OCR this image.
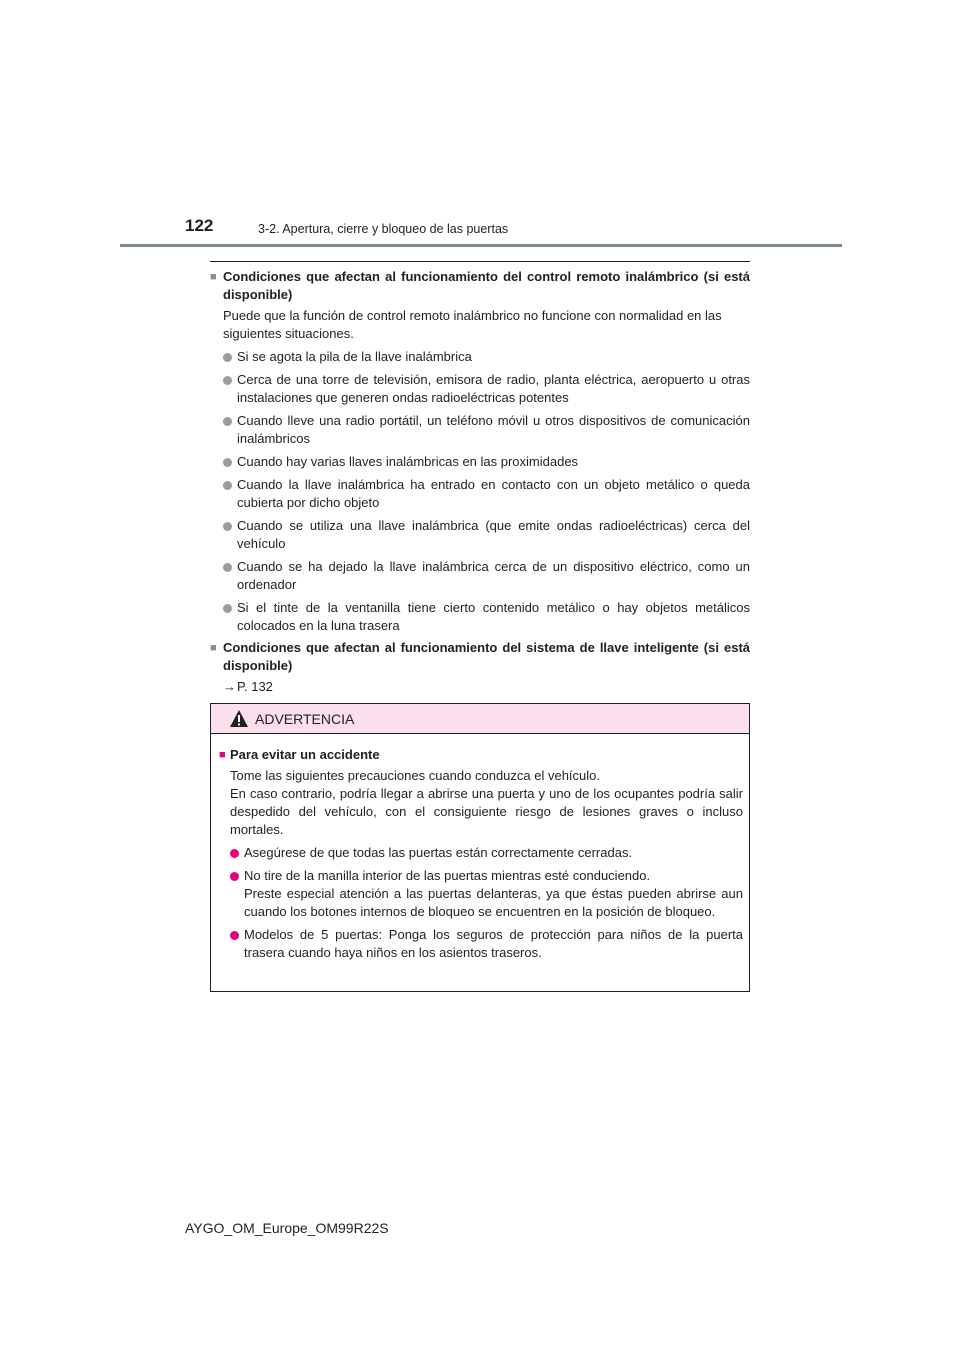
122	3-2. Apertura, cierre y bloqueo de las puertas
■ Condiciones que afectan al funcionamiento del control remoto inalámbrico (si está disponible)
Puede que la función de control remoto inalámbrico no funcione con normalidad en las siguientes situaciones.
Si se agota la pila de la llave inalámbrica
Cerca de una torre de televisión, emisora de radio, planta eléctrica, aeropuerto u otras instalaciones que generen ondas radioeléctricas potentes
Cuando lleve una radio portátil, un teléfono móvil u otros dispositivos de comunicación inalámbricos
Cuando hay varias llaves inalámbricas en las proximidades
Cuando la llave inalámbrica ha entrado en contacto con un objeto metálico o queda cubierta por dicho objeto
Cuando se utiliza una llave inalámbrica (que emite ondas radioeléctricas) cerca del vehículo
Cuando se ha dejado la llave inalámbrica cerca de un dispositivo eléctrico, como un ordenador
Si el tinte de la ventanilla tiene cierto contenido metálico o hay objetos metálicos colocados en la luna trasera
■ Condiciones que afectan al funcionamiento del sistema de llave inteligente (si está disponible)
→P. 132
ADVERTENCIA
■ Para evitar un accidente
Tome las siguientes precauciones cuando conduzca el vehículo.
En caso contrario, podría llegar a abrirse una puerta y uno de los ocupantes podría salir despedido del vehículo, con el consiguiente riesgo de lesiones graves o incluso mortales.
Asegúrese de que todas las puertas están correctamente cerradas.
No tire de la manilla interior de las puertas mientras esté conduciendo.
Preste especial atención a las puertas delanteras, ya que éstas pueden abrirse aun cuando los botones internos de bloqueo se encuentren en la posición de bloqueo.
Modelos de 5 puertas: Ponga los seguros de protección para niños de la puerta trasera cuando haya niños en los asientos traseros.
AYGO_OM_Europe_OM99R22S
